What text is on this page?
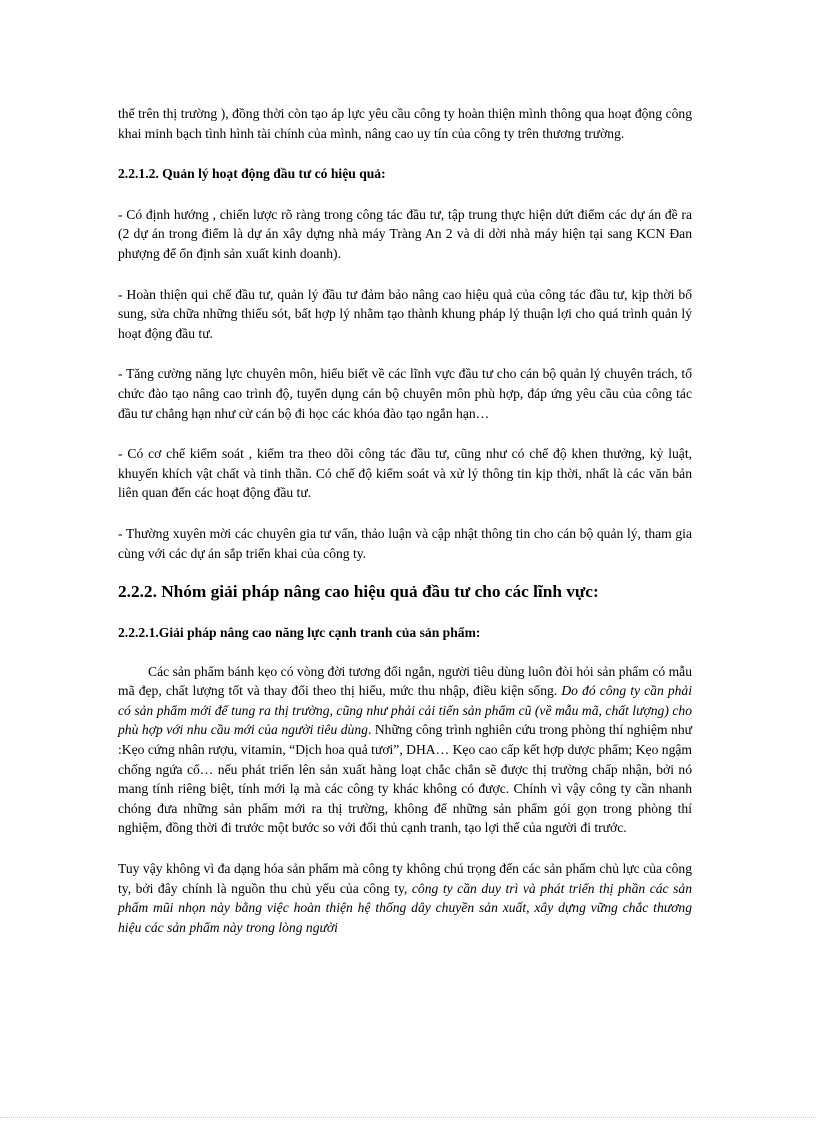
thế trên thị trường ), đồng thời còn tạo áp lực yêu cầu công ty hoàn thiện mình thông qua hoạt động công khai minh bạch tình hình tài chính của mình, nâng cao uy tín của công ty trên thương trường.

2.2.1.2. Quản lý hoạt động đầu tư có hiệu quả:

- Có định hướng , chiến lược rõ ràng trong công tác đầu tư, tập trung thực hiện dứt điểm các dự án đề ra (2 dự án trong điểm là dự án xây dựng nhà máy Tràng An 2 và di dời nhà máy hiện tại sang KCN Đan phượng để ổn định sản xuất kinh doanh).

- Hoàn thiện qui chế đầu tư, quản lý đầu tư đảm bảo nâng cao hiệu quả của công tác đầu tư, kịp thời bổ sung, sửa chữa những thiếu sót, bất hợp lý nhằm tạo thành khung pháp lý thuận lợi cho quá trình quản lý hoạt động đầu tư.

- Tăng cường năng lực chuyên môn, hiểu biết về các lĩnh vực đầu tư cho cán bộ quản lý chuyên trách, tổ chức đào tạo nâng cao trình độ, tuyển dụng cán bộ chuyên môn phù hợp, đáp ứng yêu cầu của công tác đầu tư chẳng hạn như cử cán bộ đi học các khóa đào tạo ngắn hạn…

- Có cơ chế kiểm soát , kiểm tra theo dõi công tác đầu tư, cũng như có chế độ khen thưởng, kỷ luật, khuyến khích vật chất và tinh thần. Có chế độ kiểm soát và xử lý thông tin kịp thời, nhất là các văn bản liên quan đến các hoạt động đầu tư.

- Thường xuyên mời các chuyên gia tư vấn, thảo luận và cập nhật thông tin cho cán bộ quản lý, tham gia cùng với các dự án sắp triển khai của công ty.

2.2.2. Nhóm giải pháp nâng cao hiệu quả đầu tư cho các lĩnh vực:

2.2.2.1.Giải pháp nâng cao năng lực cạnh tranh của sản phẩm:

Các sản phẩm bánh kẹo có vòng đời tương đối ngắn, người tiêu dùng luôn đòi hỏi sản phẩm có mẫu mã đẹp, chất lượng tốt và thay đổi theo thị hiếu, mức thu nhập, điều kiện sống. Do đó công ty cần phải có sản phẩm mới để tung ra thị trường, cũng như phải cải tiến sản phẩm cũ (về mẫu mã, chất lượng) cho phù hợp với nhu cầu mới của người tiêu dùng. Những công trình nghiên cứu trong phòng thí nghiệm như :Kẹo cứng nhân rượu, vitamin, “Dịch hoa quả tươi”, DHA… Kẹo cao cấp kết hợp dược phẩm; Kẹo ngậm chống ngứa cổ… nếu phát triển lên sản xuất hàng loạt chắc chắn sẽ được thị trường chấp nhận, bởi nó mang tính riêng biệt, tính mới lạ mà các công ty khác không có được. Chính vì vậy công ty cần nhanh chóng đưa những sản phẩm mới ra thị trường, không để những sản phẩm gói gọn trong phòng thí nghiệm, đồng thời đi trước một bước so với đối thủ cạnh tranh, tạo lợi thế của người đi trước.

Tuy vậy không vì đa dạng hóa sản phẩm mà công ty không chú trọng đến các sản phẩm chủ lực của công ty, bởi đây chính là nguồn thu chủ yếu của công ty, công ty cần duy trì và phát triển thị phần các sản phẩm mũi nhọn này bằng việc hoàn thiện hệ thống dây chuyền sản xuất, xây dựng vững chắc thương hiệu các sản phẩm này trong lòng người
